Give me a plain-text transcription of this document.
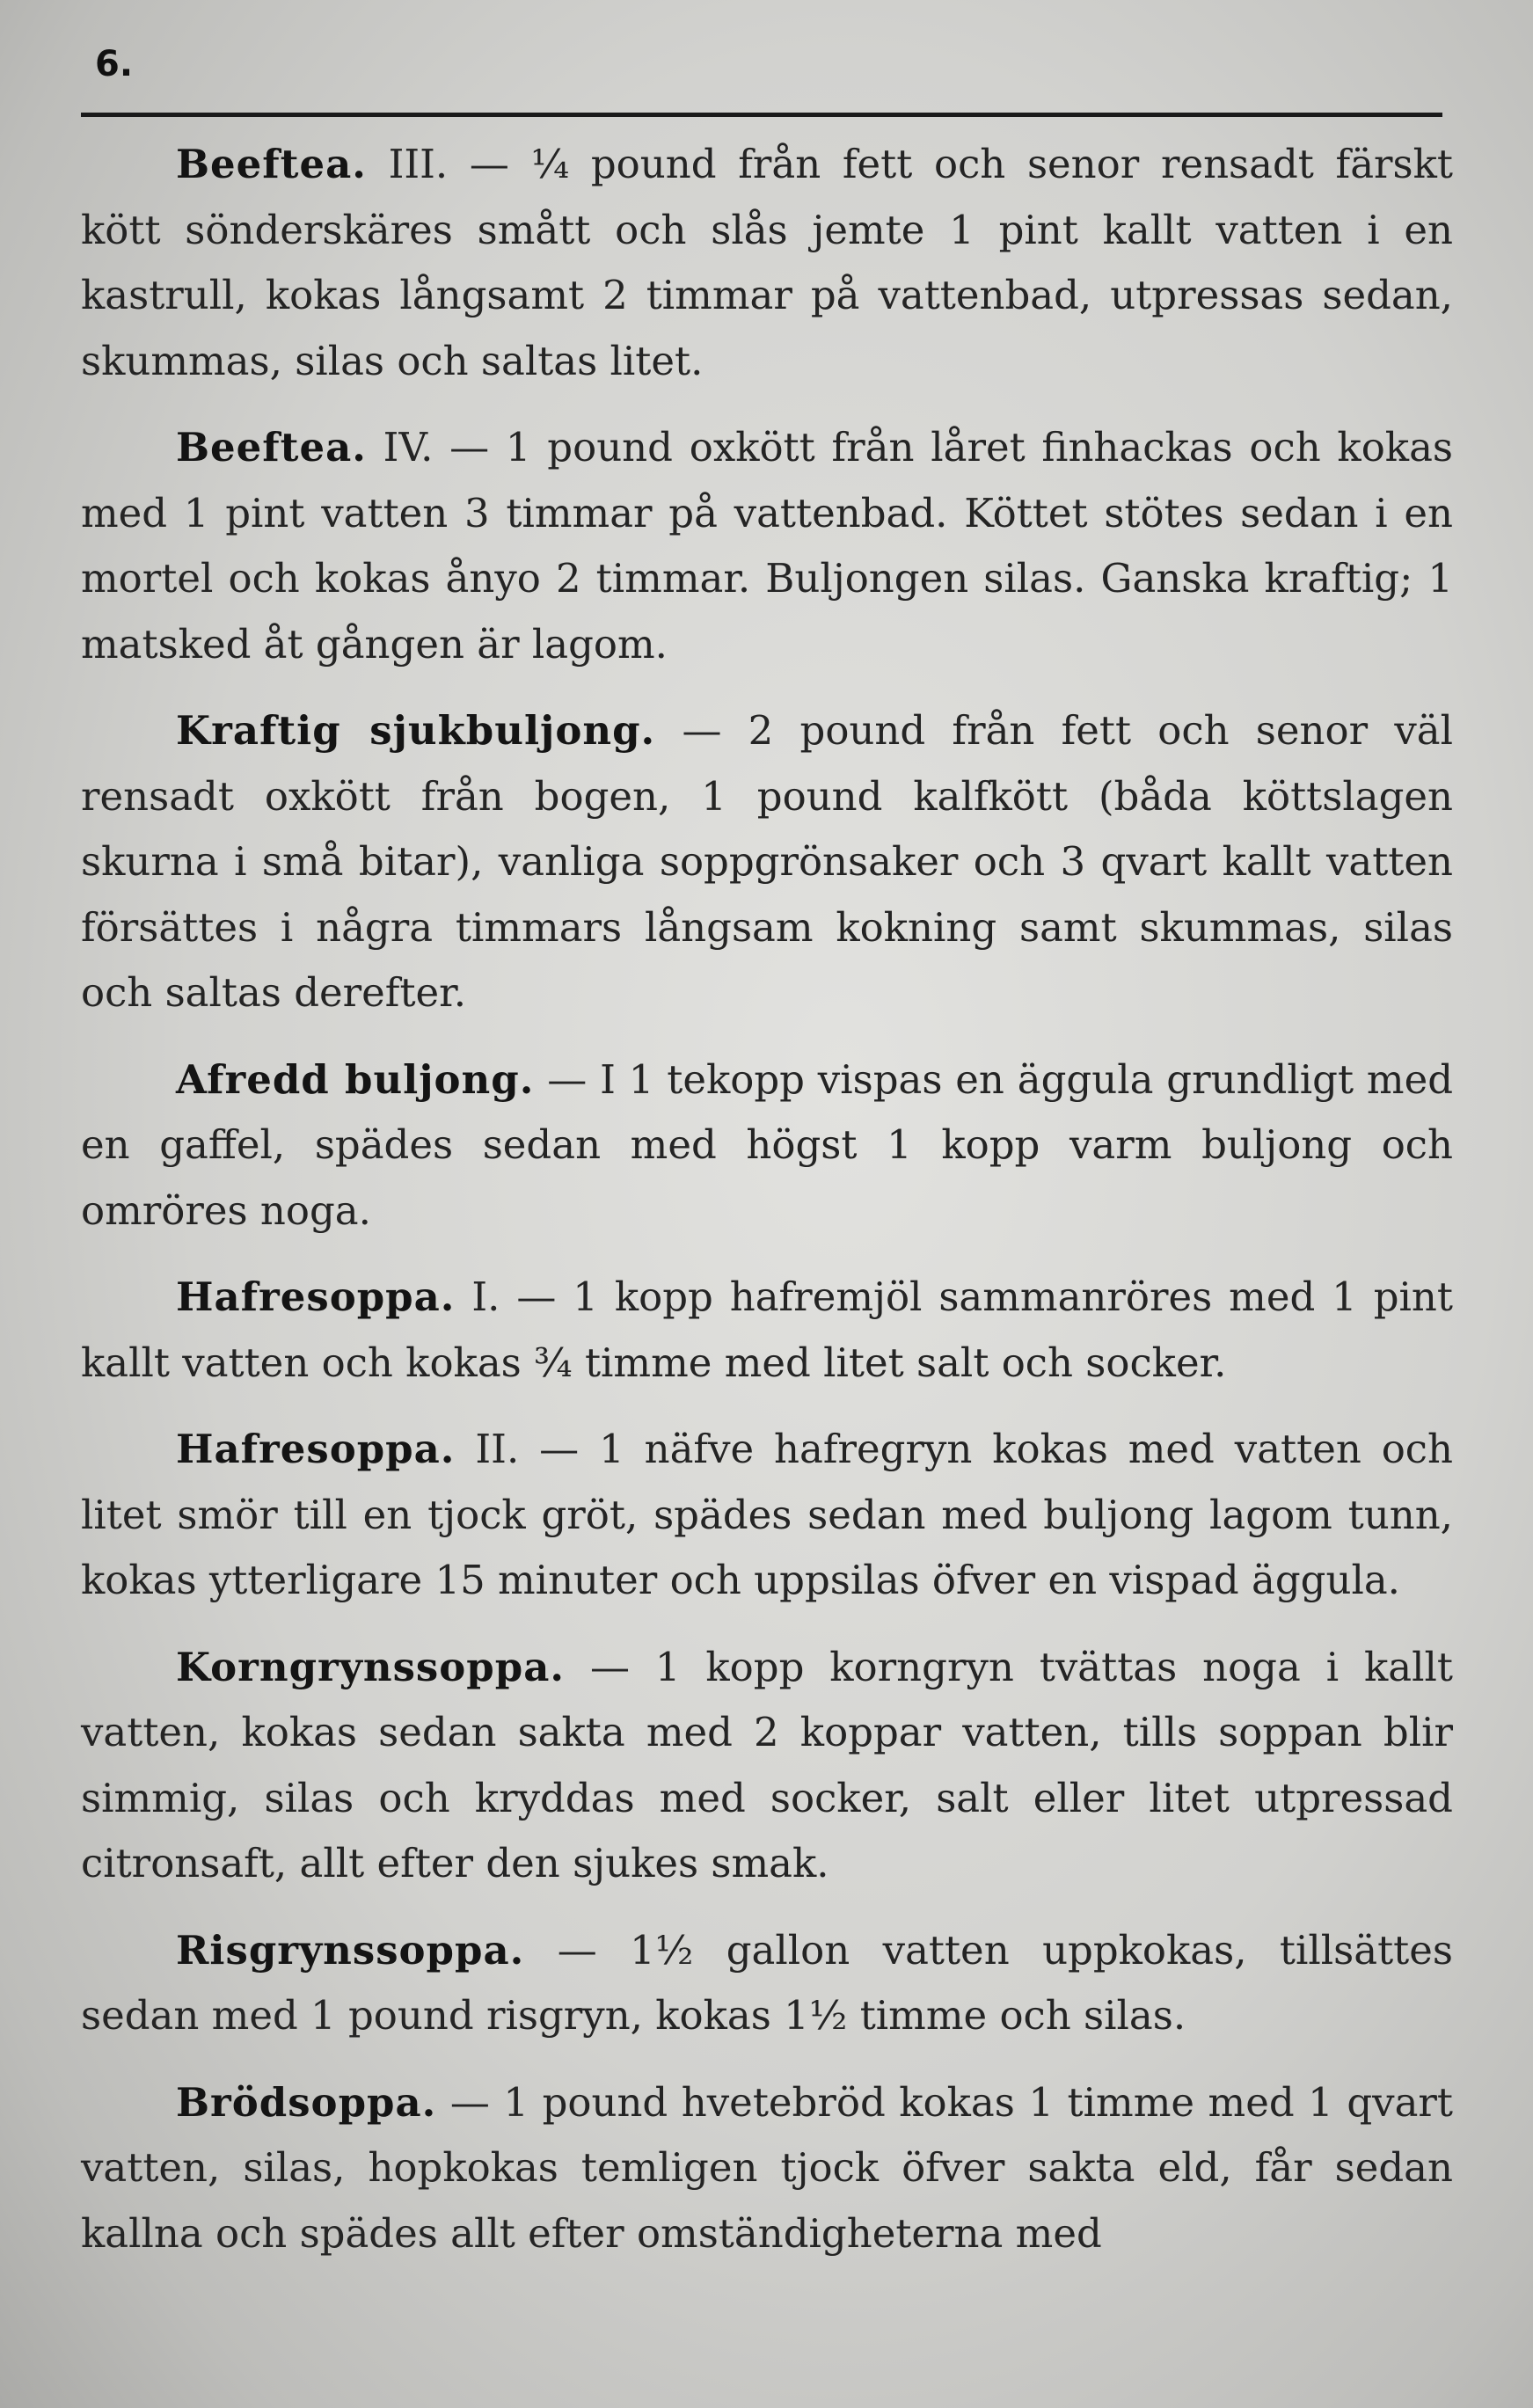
6.

Beeftea. III. — ¼ pound från fett och senor rensadt färskt kött sönderskäres smått och slås jemte 1 pint kallt vatten i en kastrull, kokas långsamt 2 timmar på vattenbad, utpressas sedan, skummas, silas och saltas litet.

Beeftea. IV. — 1 pound oxkött från låret finhackas och kokas med 1 pint vatten 3 timmar på vattenbad. Köttet stötes sedan i en mortel och kokas ånyo 2 timmar. Buljongen silas. Ganska kraftig; 1 matsked åt gången är lagom.

Kraftig sjukbuljong. — 2 pound från fett och senor väl rensadt oxkött från bogen, 1 pound kalfkött (båda köttslagen skurna i små bitar), vanliga soppgrönsaker och 3 qvart kallt vatten försättes i några timmars långsam kokning samt skummas, silas och saltas derefter.

Afredd buljong. — I 1 tekopp vispas en äggula grundligt med en gaffel, spädes sedan med högst 1 kopp varm buljong och omröres noga.

Hafresoppa. I. — 1 kopp hafremjöl sammanröres med 1 pint kallt vatten och kokas ¾ timme med litet salt och socker.

Hafresoppa. II. — 1 näfve hafregryn kokas med vatten och litet smör till en tjock gröt, spädes sedan med buljong lagom tunn, kokas ytterligare 15 minuter och uppsilas öfver en vispad äggula.

Korngrynssoppa. — 1 kopp korngryn tvättas noga i kallt vatten, kokas sedan sakta med 2 koppar vatten, tills soppan blir simmig, silas och kryddas med socker, salt eller litet utpressad citronsaft, allt efter den sjukes smak.

Risgrynssoppa. — 1½ gallon vatten uppkokas, tillsättes sedan med 1 pound risgryn, kokas 1½ timme och silas.

Brödsoppa. — 1 pound hvetebröd kokas 1 timme med 1 qvart vatten, silas, hopkokas temligen tjock öfver sakta eld, får sedan kallna och spädes allt efter omständigheterna med
